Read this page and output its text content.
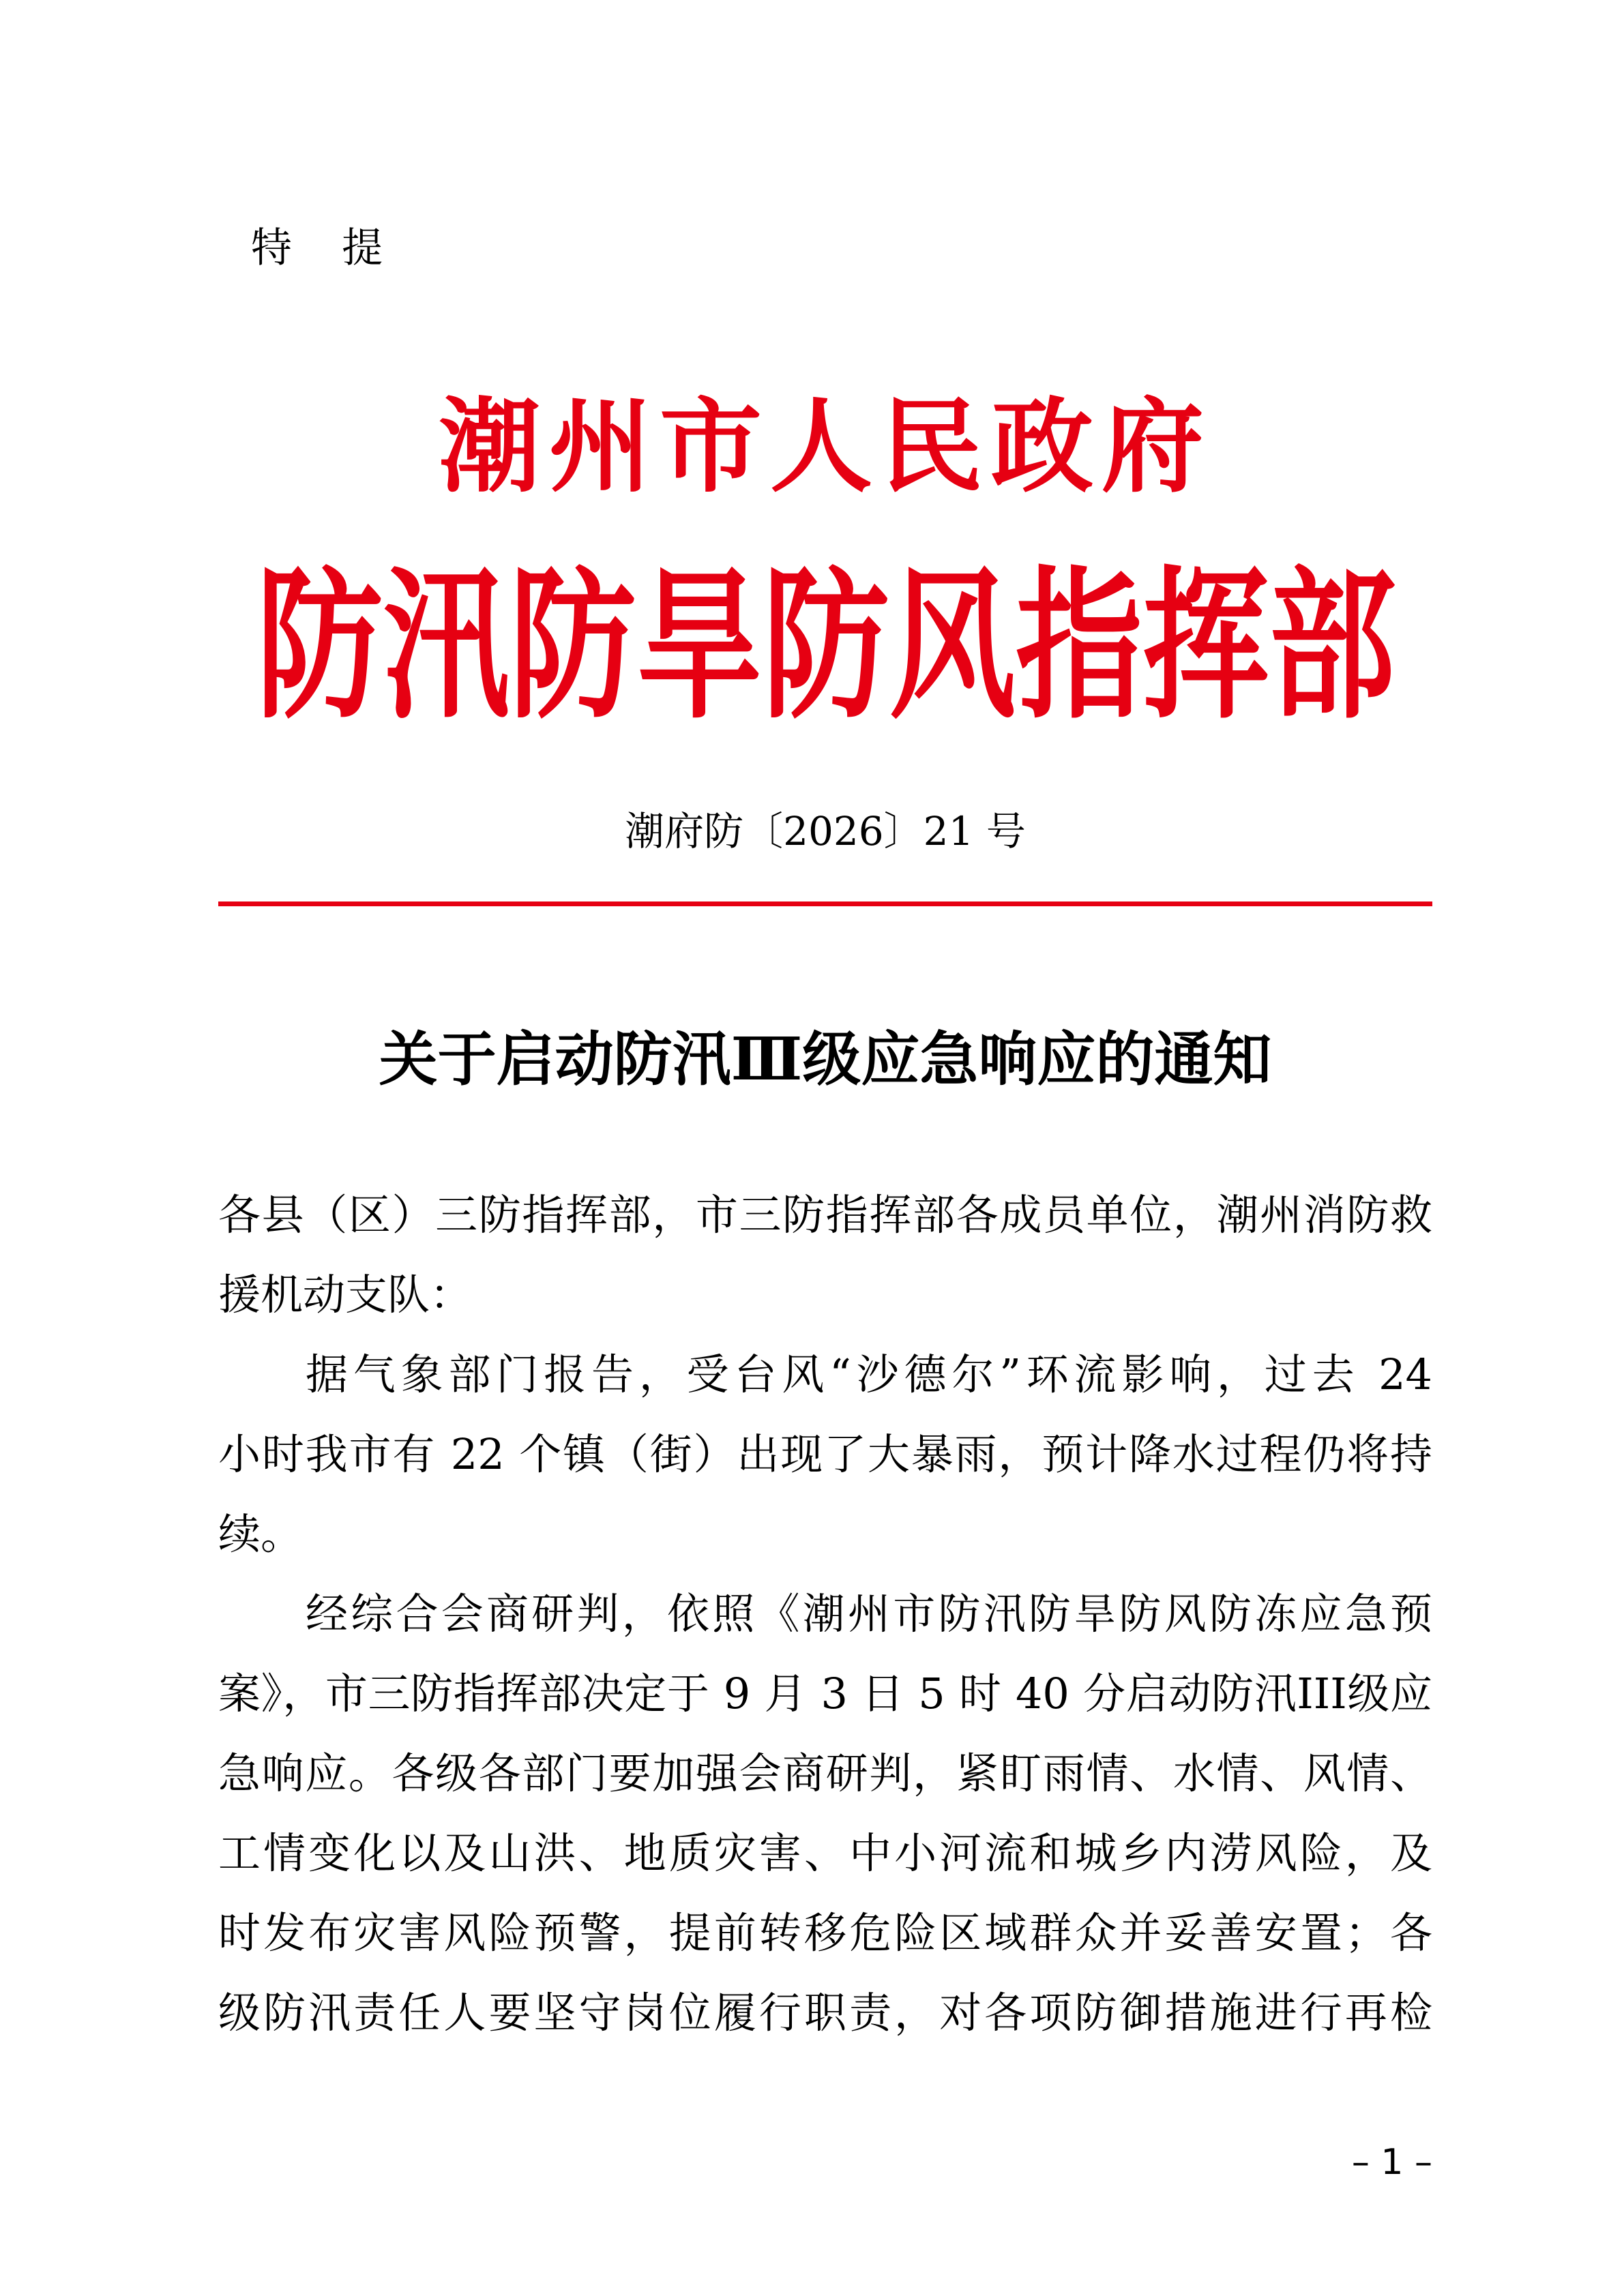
特 提
潮州市人民政府
防汛防旱防风指挥部
潮府防〔2026〕21 号
关于启动防汛Ⅲ级应急响应的通知
各县（区）三防指挥部，市三防指挥部各成员单位，潮州消防救
援机动支队：
据气象部门报告，受台风“沙德尔”环流影响，过去 24
小时我市有 22 个镇（街）出现了大暴雨，预计降水过程仍将持
续。
经综合会商研判，依照《潮州市防汛防旱防风防冻应急预
案》，市三防指挥部决定于 9 月 3 日 5 时 40 分启动防汛III级应
急响应。各级各部门要加强会商研判，紧盯雨情、水情、风情、
工情变化以及山洪、地质灾害、中小河流和城乡内涝风险，及
时发布灾害风险预警，提前转移危险区域群众并妥善安置；各
级防汛责任人要坚守岗位履行职责，对各项防御措施进行再检
– 1 –
